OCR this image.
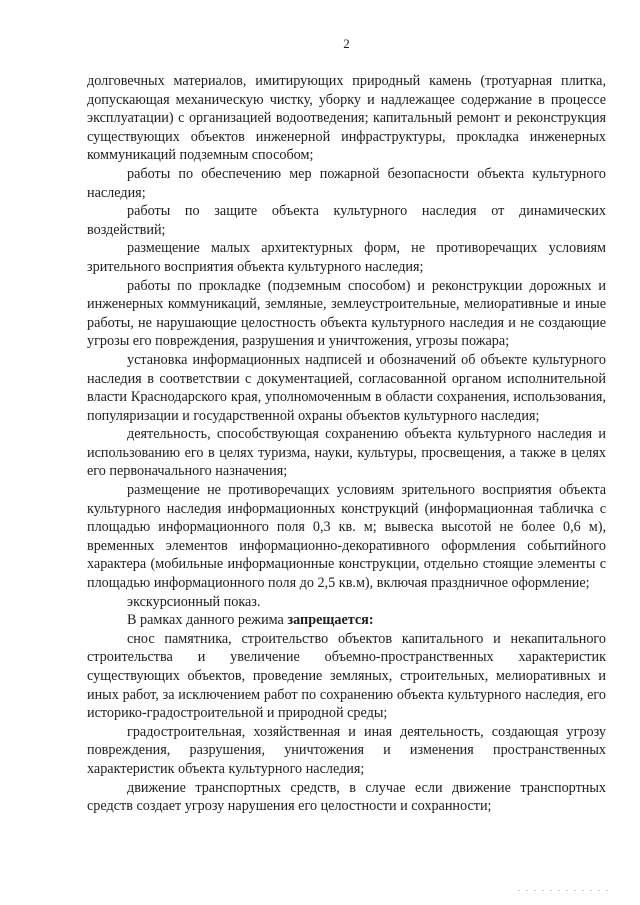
2

долговечных материалов, имитирующих природный камень (тротуарная плитка, допускающая механическую чистку, уборку и надлежащее содержание в процессе эксплуатации) с организацией водоотведения; капитальный ремонт и реконструкция существующих объектов инженерной инфраструктуры, прокладка инженерных коммуникаций подземным способом;

работы по обеспечению мер пожарной безопасности объекта культурного наследия;

работы по защите объекта культурного наследия от динамических воздействий;

размещение малых архитектурных форм, не противоречащих условиям зрительного восприятия объекта культурного наследия;

работы по прокладке (подземным способом) и реконструкции дорожных и инженерных коммуникаций, земляные, землеустроительные, мелиоративные и иные работы, не нарушающие целостность объекта культурного наследия и не создающие угрозы его повреждения, разрушения и уничтожения, угрозы пожара;

установка информационных надписей и обозначений об объекте культурного наследия в соответствии с документацией, согласованной органом исполнительной власти Краснодарского края, уполномоченным в области сохранения, использования, популяризации и государственной охраны объектов культурного наследия;

деятельность, способствующая сохранению объекта культурного наследия и использованию его в целях туризма, науки, культуры, просвещения, а также в целях его первоначального назначения;

размещение не противоречащих условиям зрительного восприятия объекта культурного наследия информационных конструкций (информационная табличка с площадью информационного поля 0,3 кв. м; вывеска высотой не более 0,6 м), временных элементов информационно-декоративного оформления событийного характера (мобильные информационные конструкции, отдельно стоящие элементы с площадью информационного поля до 2,5 кв.м), включая праздничное оформление;

экскурсионный показ.

В рамках данного режима запрещается:

снос памятника, строительство объектов капитального и некапитального строительства и увеличение объемно-пространственных характеристик существующих объектов, проведение земляных, строительных, мелиоративных и иных работ, за исключением работ по сохранению объекта культурного наследия, его историко-градостроительной и природной среды;

градостроительная, хозяйственная и иная деятельность, создающая угрозу повреждения, разрушения, уничтожения и изменения пространственных характеристик объекта культурного наследия;

движение транспортных средств, в случае если движение транспортных средств создает угрозу нарушения его целостности и сохранности;

. . . . . . . . . . . .
